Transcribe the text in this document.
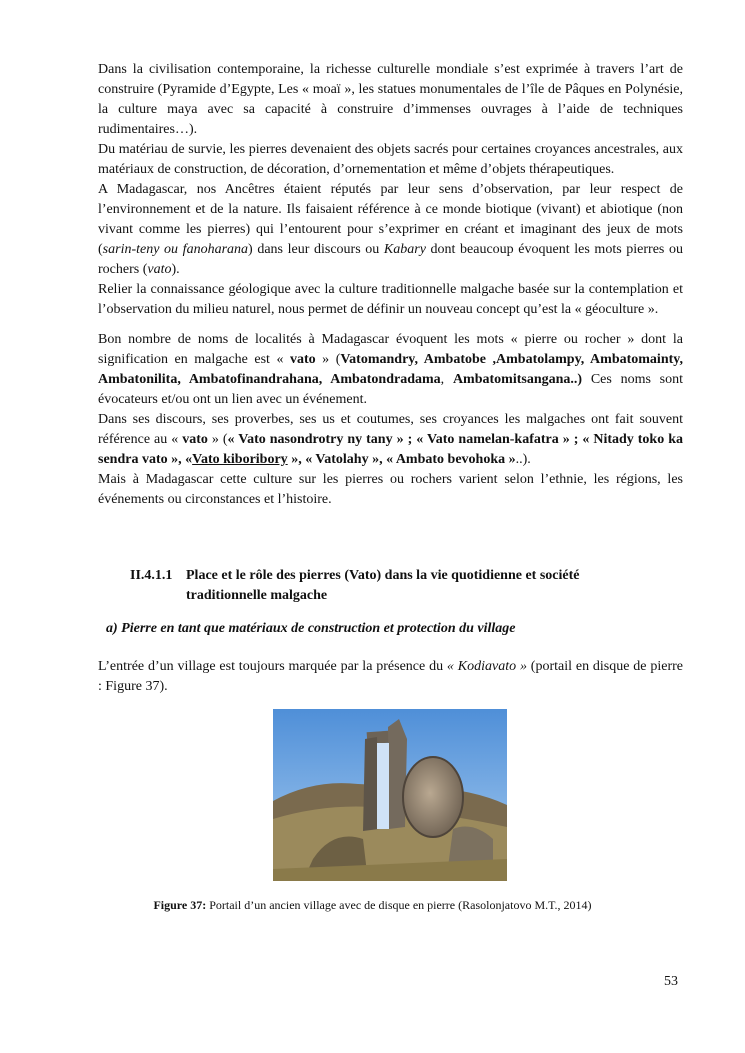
Dans la civilisation contemporaine, la richesse culturelle mondiale s’est exprimée à travers l’art de construire (Pyramide d’Egypte, Les « moaï », les statues monumentales de l’île de Pâques en Polynésie, la culture maya avec sa capacité à construire d’immenses ouvrages à l’aide de techniques rudimentaires…).

Du matériau de survie, les pierres devenaient des objets sacrés pour certaines croyances ancestrales, aux matériaux de construction, de décoration, d’ornementation et même d’objets thérapeutiques.

A Madagascar, nos Ancêtres étaient réputés par leur sens d’observation, par leur respect de l’environnement et de la nature. Ils faisaient référence à ce monde biotique (vivant) et abiotique (non vivant comme les pierres) qui l’entourent pour s’exprimer en créant et imaginant des jeux de mots (sarin-teny ou fanoharana) dans leur discours ou Kabary dont beaucoup évoquent les mots pierres ou rochers (vato).

Relier la connaissance géologique avec la culture traditionnelle malgache basée sur la contemplation et l’observation du milieu naturel, nous permet de définir un nouveau concept qu’est la « géoculture ».

Bon nombre de noms de localités à Madagascar évoquent les mots « pierre ou rocher » dont la signification en malgache est « vato » (Vatomandry, Ambatobe ,Ambatolampy, Ambatomainty, Ambatonilita, Ambatofinandrahana, Ambatondradama, Ambatomitsangana..) Ces noms sont évocateurs et/ou ont un lien avec un événement.

Dans ses discours, ses proverbes, ses us et coutumes, ses croyances les malgaches ont fait souvent référence au « vato » (« Vato nasondrotry ny tany » ; « Vato namelan-kafatra » ; « Nitady toko ka sendra vato », «Vato kiboribory », « Vatolahy », « Ambato bevohoka »..).

Mais à Madagascar cette culture sur les pierres ou rochers varient selon l’ethnie, les régions, les événements ou circonstances et l’histoire.

II.4.1.1 Place et le rôle des pierres (Vato) dans la vie quotidienne et société
traditionnelle malgache
a) Pierre en tant que matériaux de construction et protection du village

L’entrée d’un village est toujours marquée par la présence du « Kodiavato » (portail en disque de pierre : Figure 37).

Figure 37: Portail d’un ancien village avec de disque en pierre (Rasolonjatovo M.T., 2014)
53
